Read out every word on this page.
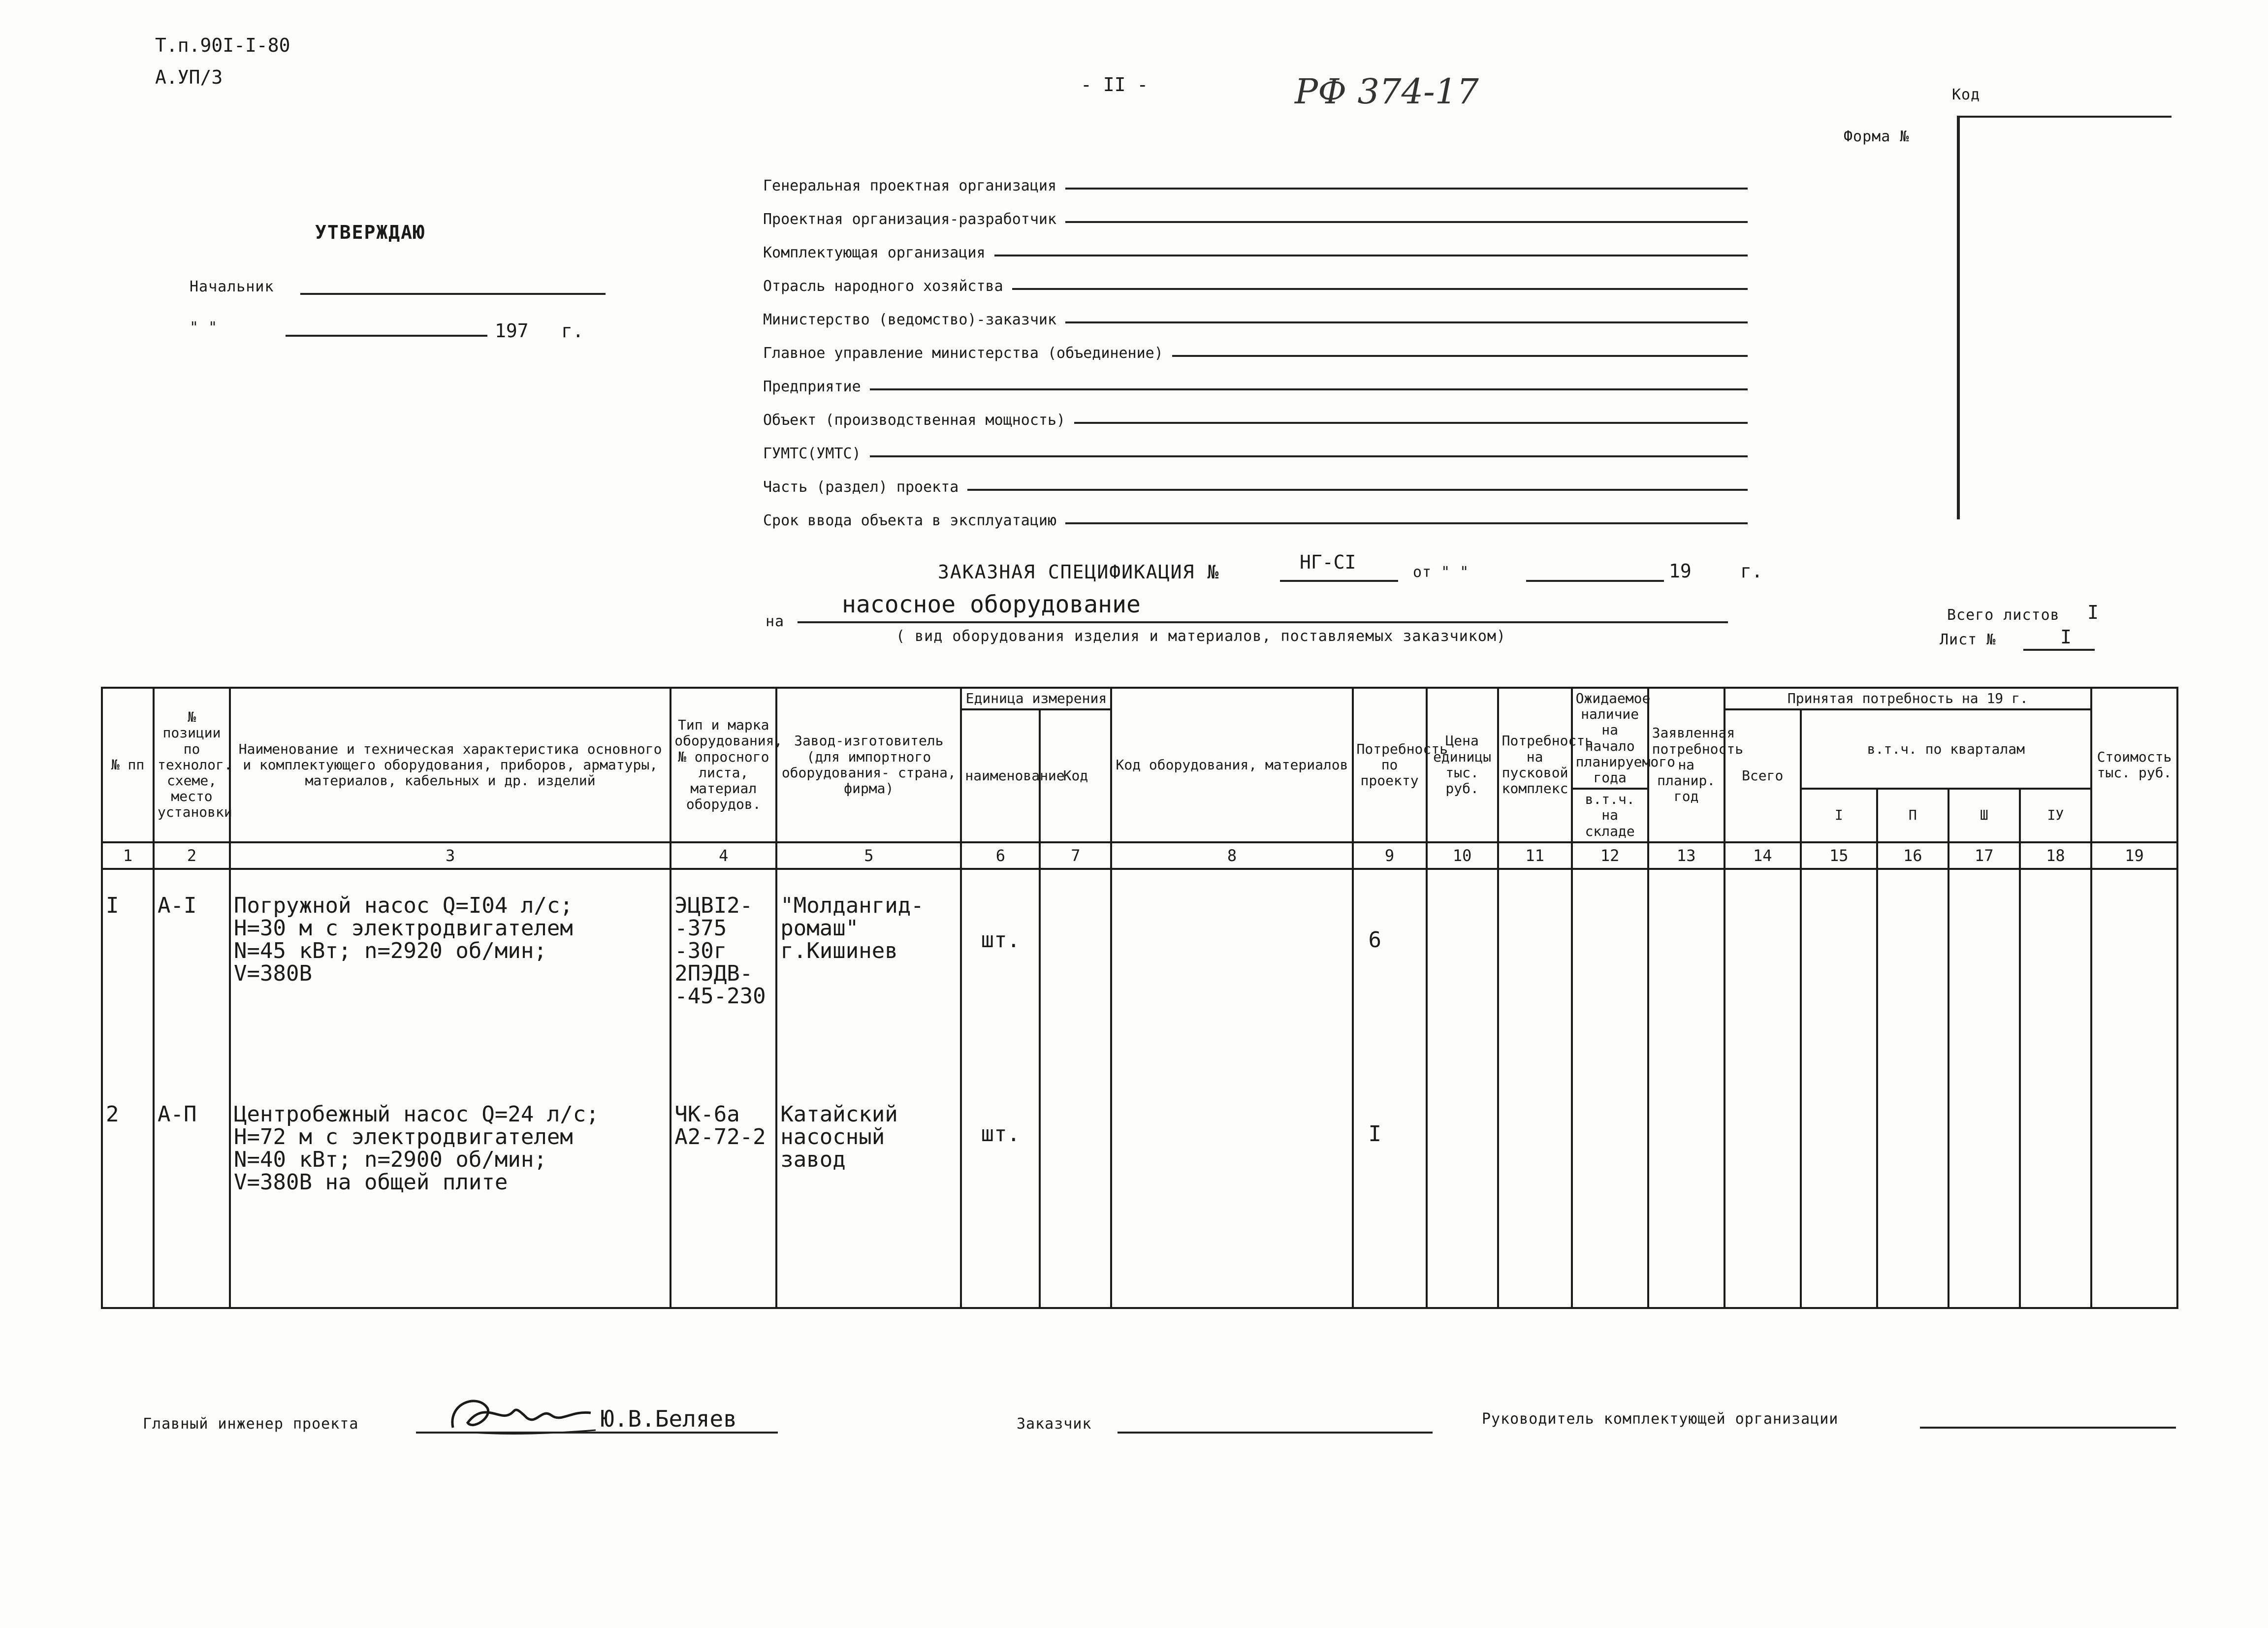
Т.п.90I-I-80
А.УП/3	- II -	РФ 374-17	Код
Форма №
УТВЕРЖДАЮ
Начальник
" "	197 г.
Генеральная проектная организация
Проектная организация-разработчик
Комплектующая организация
Отрасль народного хозяйства
Министерство (ведомство)-заказчик
Главное управление министерства (объединение)
Предприятие
Объект (производственная мощность)
ГУМТС(УМТС)
Часть (раздел) проекта
Срок ввода объекта в эксплуатацию
ЗАКАЗНАЯ СПЕЦИФИКАЦИЯ №	НГ-СI	от " "	19	г.
на
насосное оборудование
( вид оборудования изделия и материалов, поставляемых заказчиком)
Всего листов I
Лист №	I
№ пп	№ позиции по технолог. схеме, место установки	Наименование и техническая характеристика основного и комплектующего оборудования, приборов, арматуры, материалов, кабельных и др. изделий	Тип и марка оборудования, № опросного листа, материал оборудов.	Завод-изготовитель (для импортного оборудования- страна, фирма)	Единица измерения		Код оборудования, материалов	Потребность по проекту	Цена единицы тыс. руб.	Потребность на пусковой комплекс	Ожидаемое наличие на начало планируемого года	Заявленная потребность на планир. год	Принятая потребность на 19 г.					Стоимость тыс. руб.
					наименование	Код							Всего	в.т.ч. по кварталам				
											в.т.ч. на складе			I	П	Ш	IУ	
1	2	3	4	5	6	7	8	9	10	11	12	13	14	15	16	17	18	19
I	А-I	Погружной насос Q=I04 л/с;
Н=30 м с электродвигателем
N=45 кВт; n=2920 об/мин;
V=380В	ЭЦВI2-
-375
-30г
2ПЭДВ-
-45-230	"Молдангид-
ромаш"
г.Кишинев	шт.			6										
2	А-П	Центробежный насос Q=24 л/с;
Н=72 м с электродвигателем
N=40 кВт; n=2900 об/мин;
V=380В на общей плите	ЧК-6а
А2-72-2	Катайский
насосный
завод	шт.			I										
Главный инженер проекта	Ю.В.Беляев	Заказчик	Руководитель комплектующей организации
